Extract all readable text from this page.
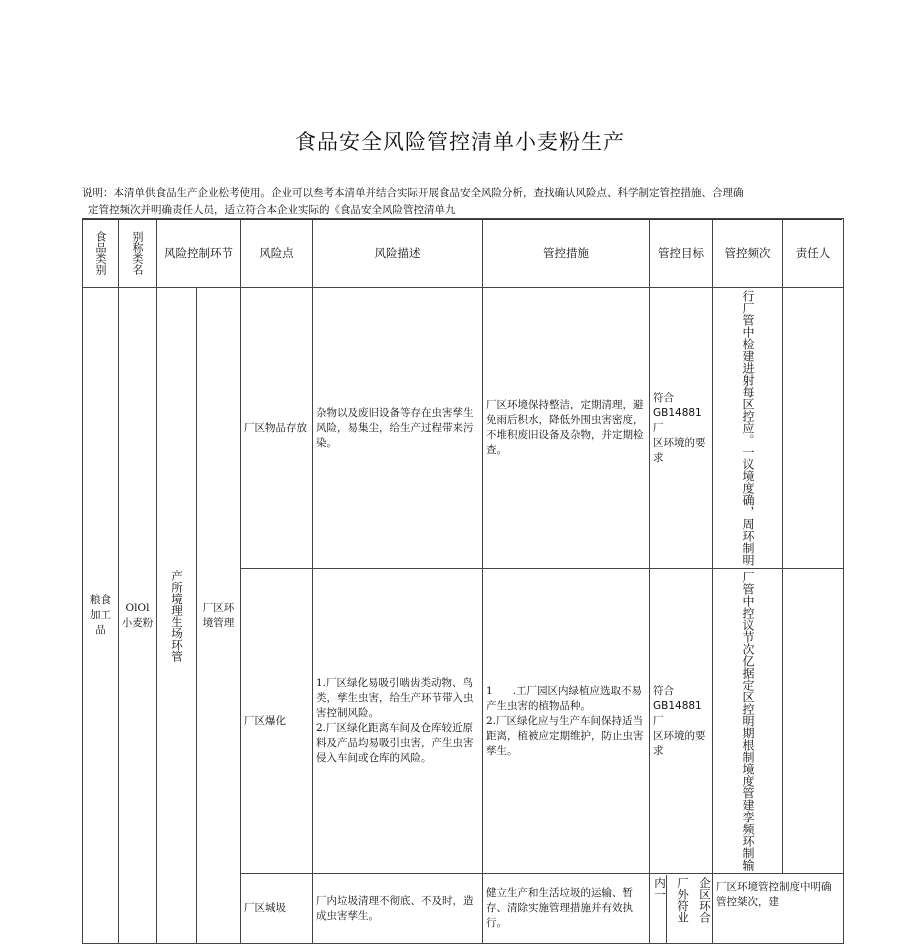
食品安全风险管控清单小麦粉生产
说明：本清单供食品生产企业松考使用。企业可以叁考本清单并结合实际开展食品安全风险分析，查找确认风险点、科学制定管控措施、合理确
定管控频次并明确责任人员，适立符合本企业实际的《食品安全风险管控清单九
食品类别	别称类名	风险控制环节		风险点	风险描述	管控措施	管控目标	管控频次	责任人
粮食加工品	OlOl小麦粉	产所境理生场环管	厂区环境管理	厂区物品存放	杂物以及废旧设备等存在虫害孳生风险，易集尘，给生产过程带来污染。	厂区环境保持整洁，定期清理，避免雨后积水，降低外围虫害密度，不堆积废旧设备及杂物，并定期检查。	符合
GB14881厂
区环境的要求	行厂管中检建进射每区控应。一议境度确，周环制明	
				厂区爆化	1.厂区绿化易吸引啮齿类动物、鸟类，孳生虫害，给生产环节带入虫害控制风险。
2.厂区绿化距离车间及仓库较近原料及产品均易吸引虫害，产生虫害侵入车间或仓库的风险。	1 .工厂园区内绿植应选取不易产生虫害的植物品种。
2.厂区绿化应与生产车间保持适当距离，植被应定期维护，防止虫害孳生。	符合
GB14881厂
区环境的要求	厂管中控议节次亿据定区控明期根制境度管建孪频环制输	
				厂区城圾	厂内垃圾清理不彻底、不及时，造成虫害孳生。	健立生产和生活垃圾的运输、暂存、清除实施管理措施并有效执行。	内一 厂外符业 企区环合	厂区环境管控制度中明确管控桀次，建	
